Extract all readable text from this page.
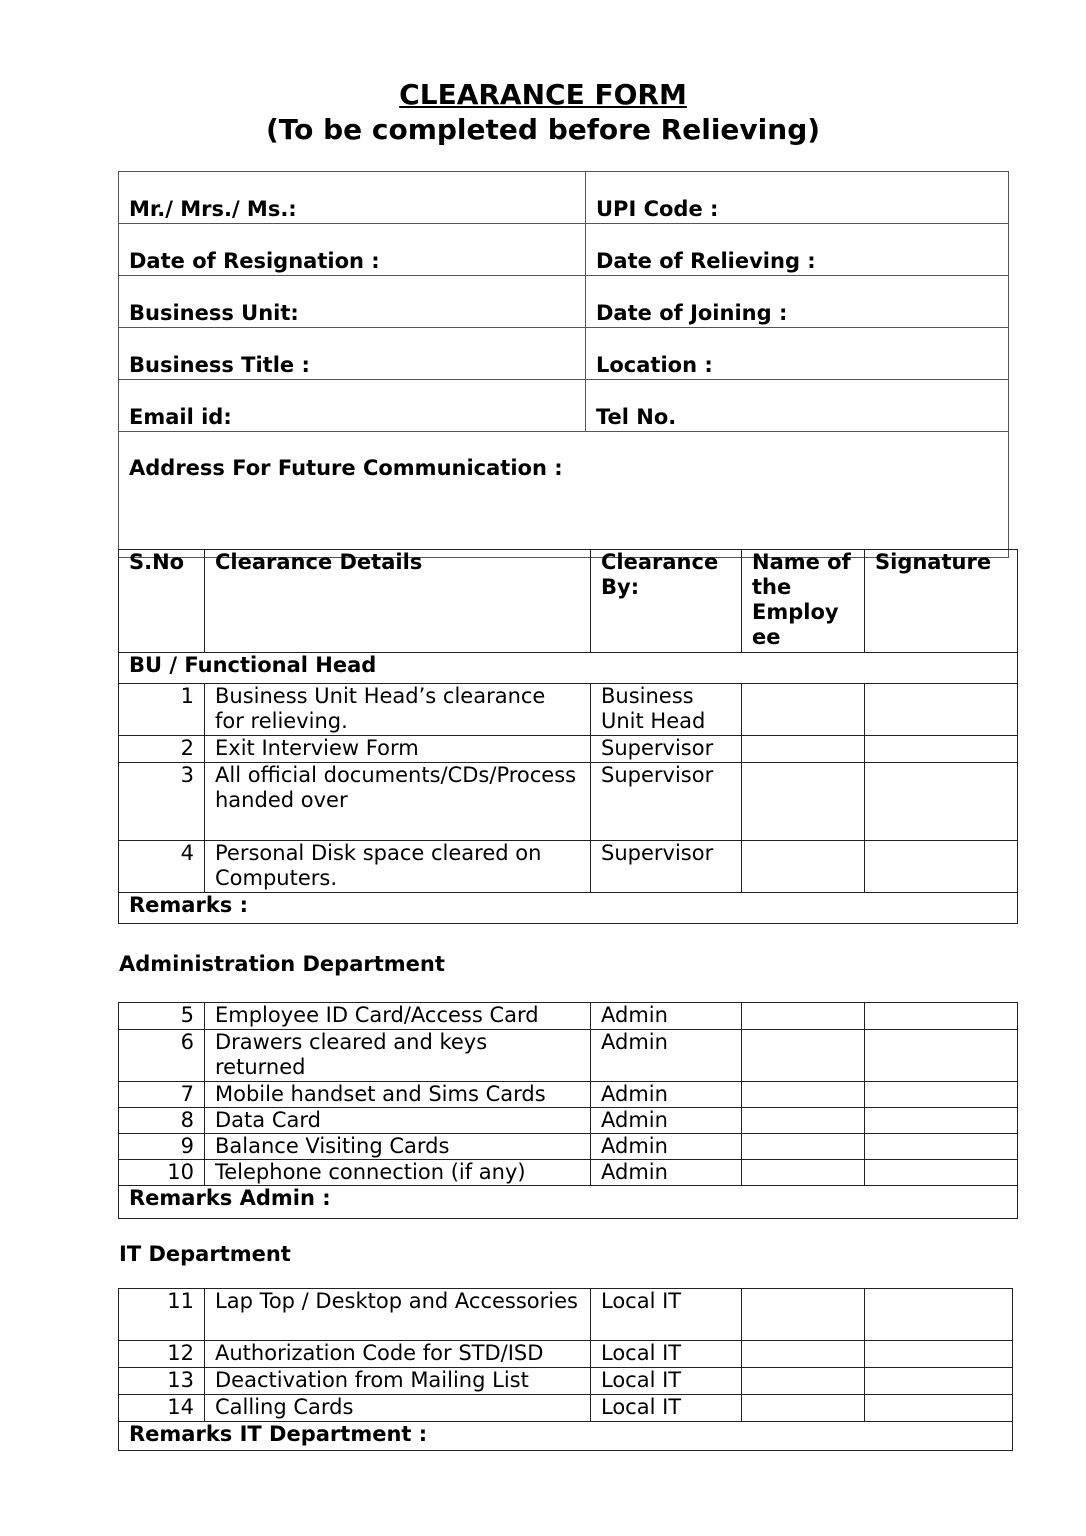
CLEARANCE FORM
(To be completed before Relieving)
Mr./ Mrs./ Ms.:	UPI Code :
Date of Resignation :	Date of Relieving :
Business Unit:	Date of Joining :
Business Title :	Location :
Email id:	Tel No.
Address For Future Communication :	
S.No	Clearance Details	Clearance By:	Name of the Employ ee	Signature
BU / Functional Head				
1	Business Unit Head’s clearance for relieving.	Business Unit Head		
2	Exit Interview Form	Supervisor		
3	All official documents/CDs/Process handed over	Supervisor		
4	Personal Disk space cleared on Computers.	Supervisor		
Remarks :				
Administration Department
5	Employee ID Card/Access Card	Admin		
6	Drawers cleared and keys returned	Admin		
7	Mobile handset and Sims Cards	Admin		
8	Data Card	Admin		
9	Balance Visiting Cards	Admin		
10	Telephone connection (if any)	Admin		
Remarks Admin :				
IT Department
11	Lap Top / Desktop and Accessories	Local IT		
12	Authorization Code for STD/ISD	Local IT		
13	Deactivation from Mailing List	Local IT		
14	Calling Cards	Local IT		
Remarks IT Department :				
